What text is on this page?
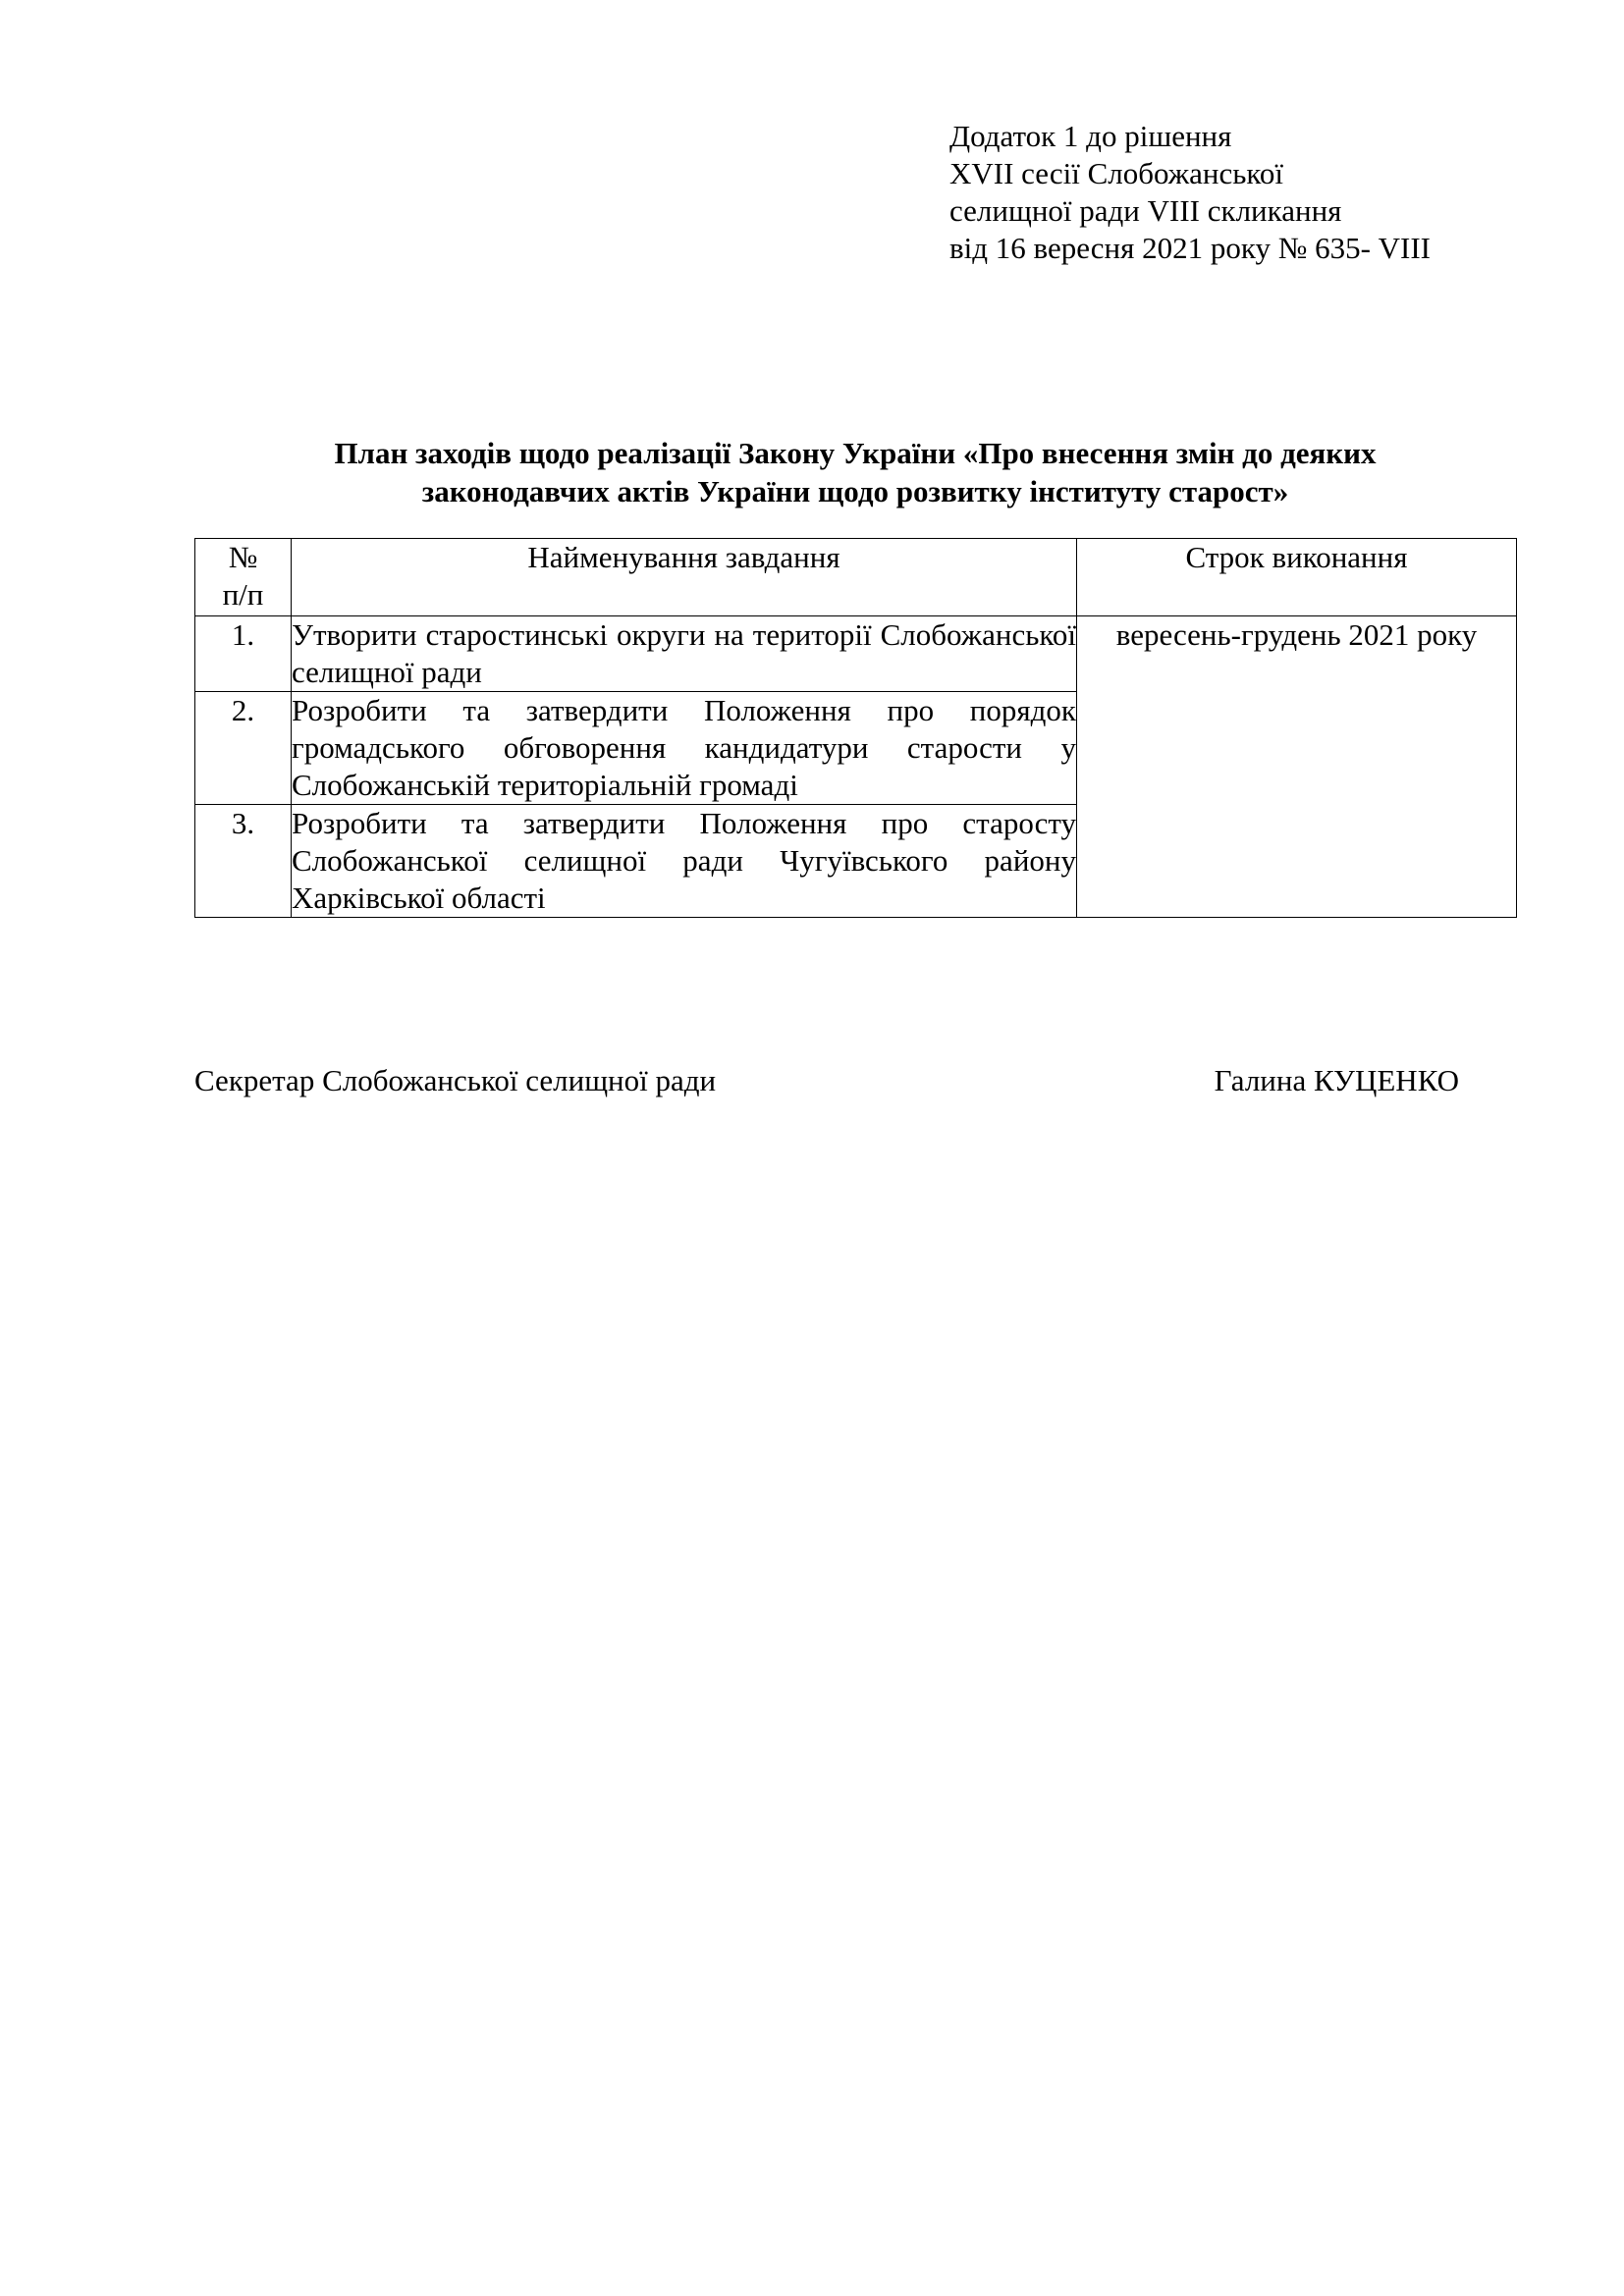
Додаток 1 до рішення
XVII сесії Слобожанської
селищної ради VIII скликання
від 16 вересня 2021 року № 635- VIII
План заходів щодо реалізації Закону України «Про внесення змін до деяких
законодавчих актів України щодо розвитку інституту старост»
№
п/п	Найменування завдання	Строк виконання
1.	Утворити старостинські округи на території Слобожанської селищної ради	вересень-грудень 2021 року
2.	Розробити та затвердити Положення про порядок громадського обговорення кандидатури старости у Слобожанській територіальній громаді	
3.	Розробити та затвердити Положення про старосту Слобожанської селищної ради Чугуївського району Харківської області	
Секретар Слобожанської селищної ради	Галина КУЦЕНКО
